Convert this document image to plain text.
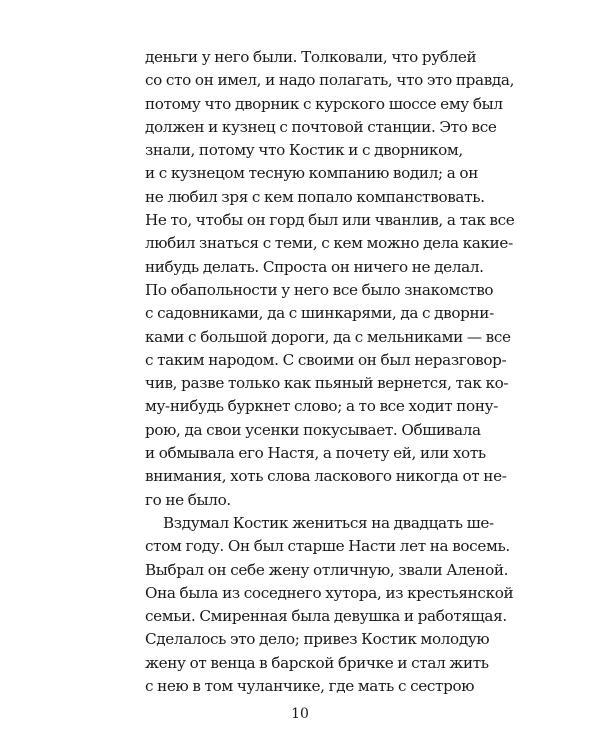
деньги у него были. Толковали, что рублей
со сто он имел, и надо полагать, что это правда,
потому что дворник с курского шоссе ему был
должен и кузнец с почтовой станции. Это все
знали, потому что Костик и с дворником,
и с кузнецом тесную компанию водил; а он
не любил зря с кем попало компанствовать.
Не то, чтобы он горд был или чванлив, а так все
любил знаться с теми, с кем можно дела какие-
нибудь делать. Спроста он ничего не делал.
По обапольности у него все было знакомство
с садовниками, да с шинкарями, да с дворни-
ками с большой дороги, да с мельниками — все
с таким народом. С своими он был неразговор-
чив, разве только как пьяный вернется, так ко-
му-нибудь буркнет слово; а то все ходит пону-
рою, да свои усенки покусывает. Обшивала
и обмывала его Настя, а почету ей, или хоть
внимания, хоть слова ласкового никогда от не-
го не было.
Вздумал Костик жениться на двадцать ше-
стом году. Он был старше Насти лет на восемь.
Выбрал он себе жену отличную, звали Аленой.
Она была из соседнего хутора, из крестьянской
семьи. Смиренная была девушка и работящая.
Сделалось это дело; привез Костик молодую
жену от венца в барской бричке и стал жить
с нею в том чуланчике, где мать с сестрою
10
